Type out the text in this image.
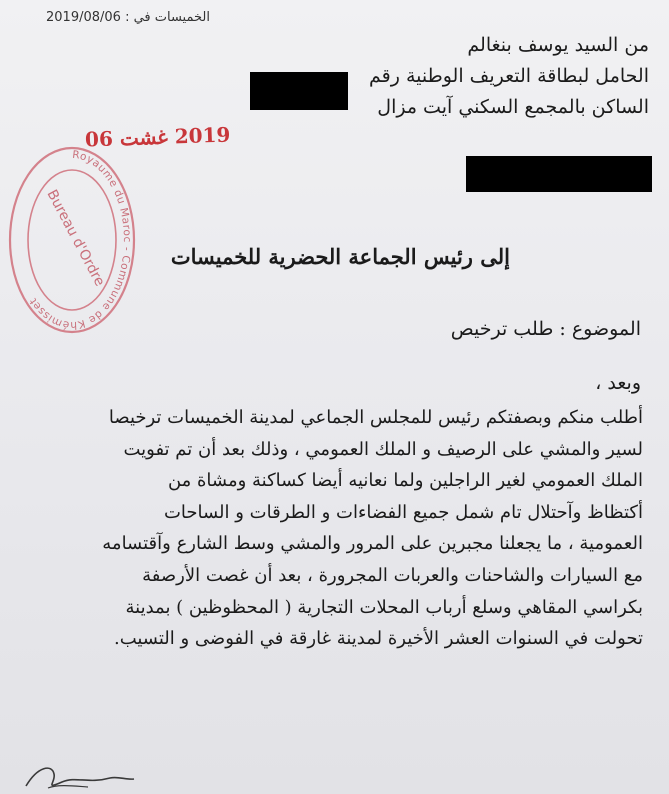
الخميسات في : 2019/08/06
من السيد يوسف بنغالم
الحامل لبطاقة التعريف الوطنية رقم
الساكن بالمجمع السكني آيت مزال
2019 غشت 06
Royaume du Maroc - Commune de Khémisset
Bureau d'Ordre	إلى رئيس الجماعة الحضرية للخميسات
الموضوع : طلب ترخيص
وبعد ،
أطلب منكم وبصفتكم رئيس للمجلس الجماعي لمدينة الخميسات ترخيصا
لسير والمشي على الرصيف و الملك العمومي ، وذلك بعد أن تم تفويت
الملك العمومي لغير الراجلين ولما نعانيه أيضا كساكنة ومشاة من
أكتظاظ وآحتلال تام شمل جميع الفضاءات و الطرقات و الساحات
العمومية ، ما يجعلنا مجبرين على المرور والمشي وسط الشارع وآقتسامه
مع السيارات والشاحنات والعربات المجرورة ، بعد أن غصت الأرصفة
بكراسي المقاهي وسلع أرباب المحلات التجارية ( المحظوظين ) بمدينة
تحولت في السنوات العشر الأخيرة لمدينة غارقة في الفوضى و التسيب.
